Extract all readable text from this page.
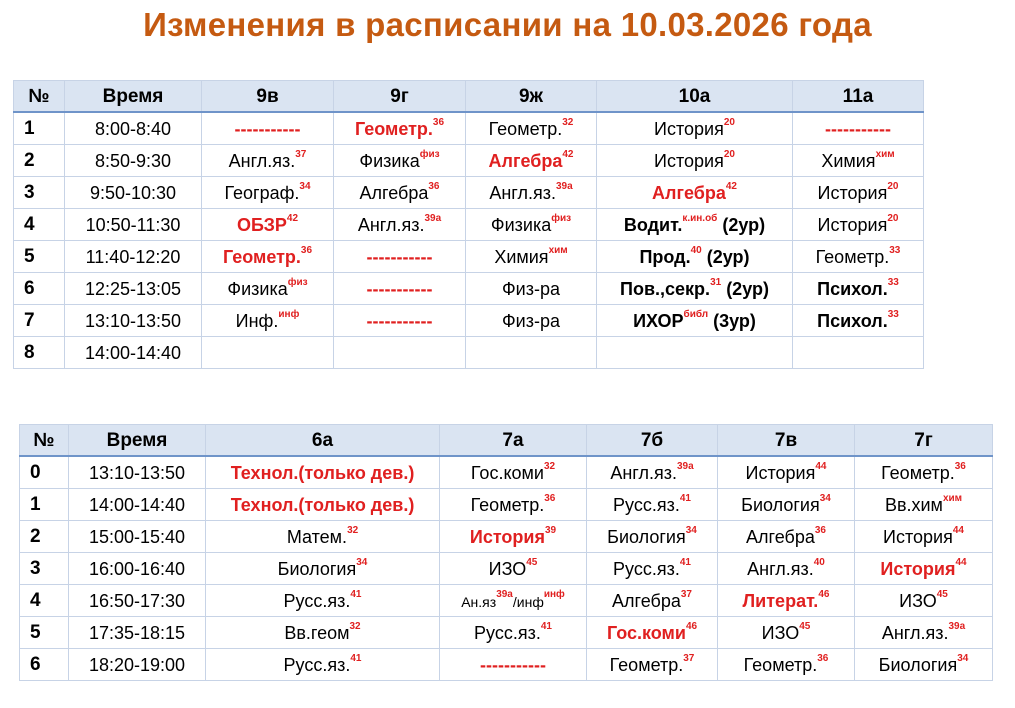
Изменения в расписании на 10.03.2026 года
№	Время	9в	9г	9ж	10а	11а
1	8:00-8:40	-----------	Геометр.$^{36}$	Геометр.$^{32}$	История$^{20}$	-----------
2	8:50-9:30	Англ.яз.$^{37}$	Физика$^{физ}$	Алгебра$^{42}$	История$^{20}$	Химия$^{хим}$
3	9:50-10:30	Географ.$^{34}$	Алгебра$^{36}$	Англ.яз.$^{39а}$	Алгебра$^{42}$	История$^{20}$
4	10:50-11:30	ОБЗР$^{42}$	Англ.яз.$^{39а}$	Физика$^{физ}$	Водит.$^{к.ин.об}$ (2ур)	История$^{20}$
5	11:40-12:20	Геометр.$^{36}$	-----------	Химия$^{хим}$	Прод.$^{40}$ (2ур)	Геометр.$^{33}$
6	12:25-13:05	Физика$^{физ}$	-----------	Физ-ра	Пов.,секр.$^{31}$ (2ур)	Психол.$^{33}$
7	13:10-13:50	Инф.$^{инф}$	-----------	Физ-ра	$ИХОР^{библ}$ (3ур)	Психол.$^{33}$
8	14:00-14:40					
№	Время	6а	7а	7б	7в	7г
0	13:10-13:50	Технол.(только дев.)	Гос.коми$^{32}$	Англ.яз.$^{39а}$	История$^{44}$	Геометр.$^{36}$
1	14:00-14:40	Технол.(только дев.)	Геометр.$^{36}$	Русс.яз.$^{41}$	Биология$^{34}$	Вв.хим$^{хим}$
2	15:00-15:40	Матем.$^{32}$	История$^{39}$	Биология$^{34}$	Алгебра$^{36}$	История$^{44}$
3	16:00-16:40	Биология$^{34}$	ИЗО$^{45}$	Русс.яз.$^{41}$	Англ.яз.$^{40}$	История$^{44}$
4	16:50-17:30	Русс.яз.$^{41}$	$Ан.яз^{39а}/инф^{инф}$	Алгебра$^{37}$	Литерат.$^{46}$	ИЗО$^{45}$
5	17:35-18:15	Вв.геом$^{32}$	Русс.яз.$^{41}$	Гос.коми$^{46}$	ИЗО$^{45}$	Англ.яз.$^{39а}$
6	18:20-19:00	Русс.яз.$^{41}$	-----------	Геометр.$^{37}$	Геометр.$^{36}$	Биология$^{34}$
